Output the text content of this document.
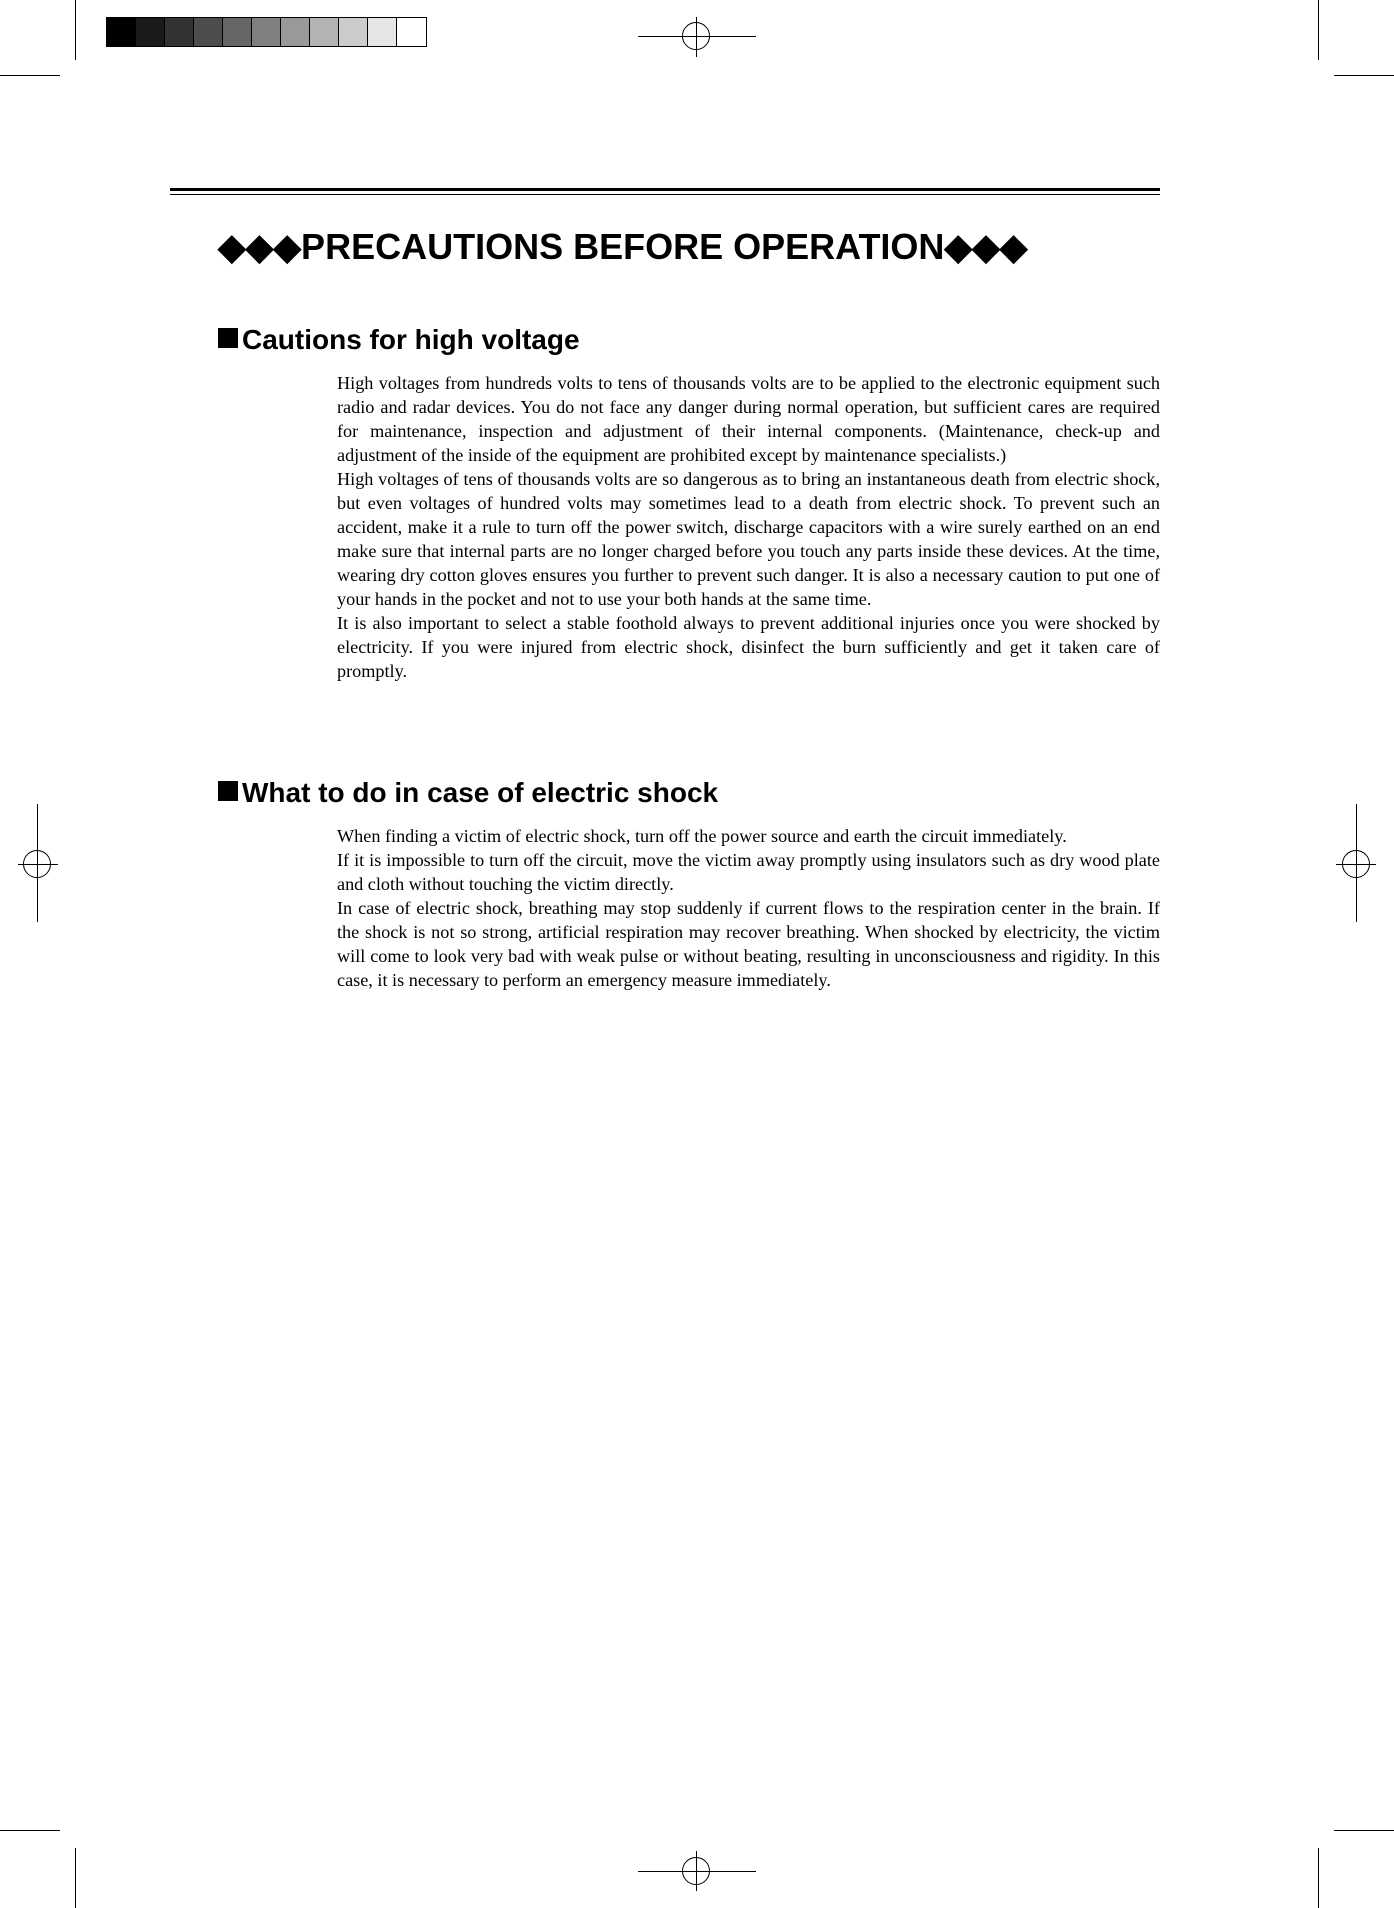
◆◆◆PRECAUTIONS BEFORE OPERATION◆◆◆
Cautions for high voltage

High voltages from hundreds volts to tens of thousands volts are to be applied to the electronic equipment such radio and radar devices. You do not face any danger during normal operation, but sufficient cares are required for maintenance, inspection and adjustment of their internal components. (Maintenance, check-up and adjustment of the inside of the equipment are prohibited except by maintenance specialists.)

High voltages of tens of thousands volts are so dangerous as to bring an instantaneous death from electric shock, but even voltages of hundred volts may sometimes lead to a death from electric shock. To prevent such an accident, make it a rule to turn off the power switch, discharge capacitors with a wire surely earthed on an end make sure that internal parts are no longer charged before you touch any parts inside these devices. At the time, wearing dry cotton gloves ensures you further to prevent such danger. It is also a necessary caution to put one of your hands in the pocket and not to use your both hands at the same time.

It is also important to select a stable foothold always to prevent additional injuries once you were shocked by electricity. If you were injured from electric shock, disinfect the burn sufficiently and get it taken care of promptly.

What to do in case of electric shock

When finding a victim of electric shock, turn off the power source and earth the circuit immediately.

If it is impossible to turn off the circuit, move the victim away promptly using insulators such as dry wood plate and cloth without touching the victim directly.

In case of electric shock, breathing may stop suddenly if current flows to the respiration center in the brain. If the shock is not so strong, artificial respiration may recover breathing. When shocked by electricity, the victim will come to look very bad with weak pulse or without beating, resulting in unconsciousness and rigidity. In this case, it is necessary to perform an emergency measure immediately.
